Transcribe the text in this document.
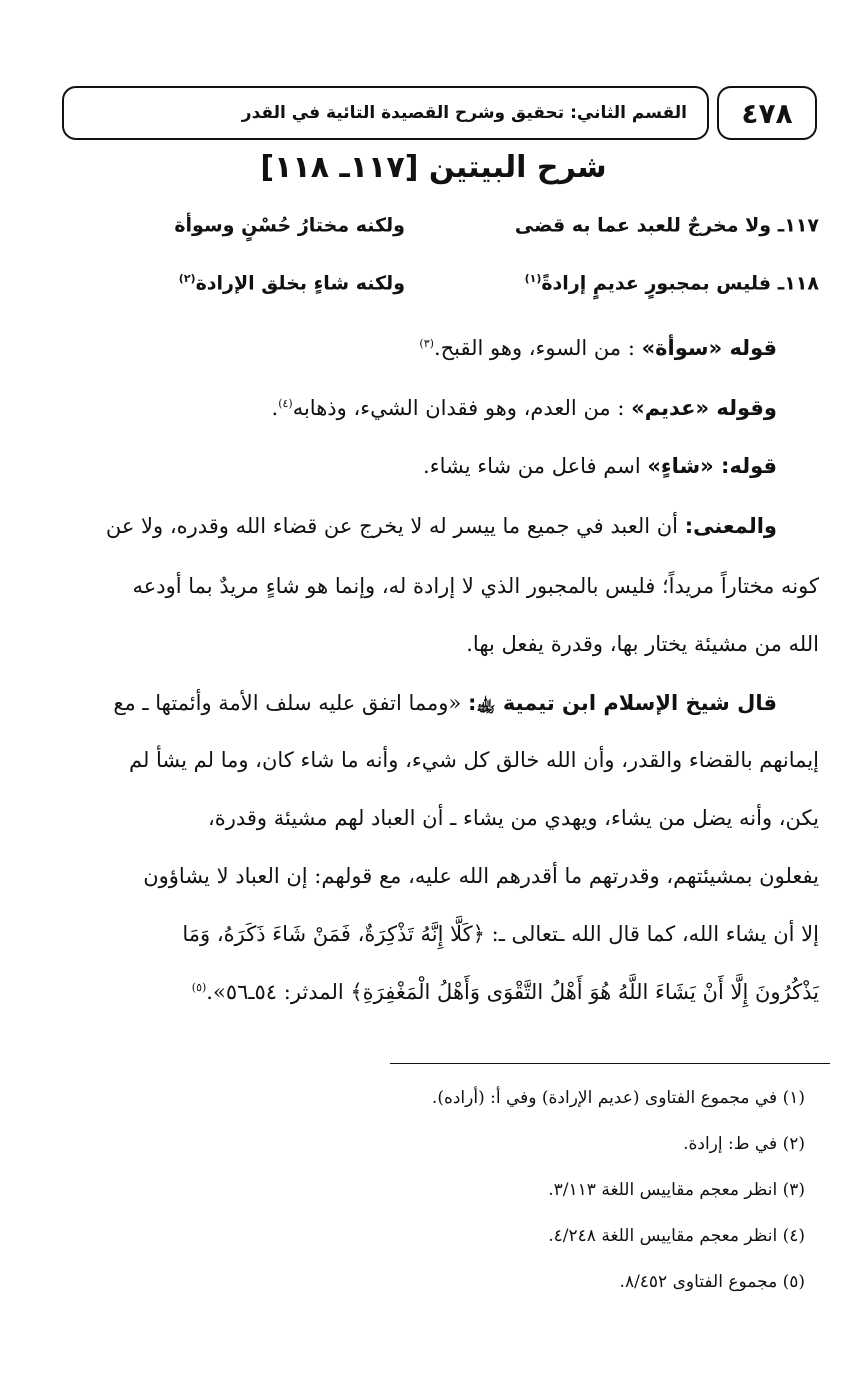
٤٧٨
القسم الثاني: تحقيق وشرح القصيدة التائية في القدر
شرح البيتين [١١٧ـ ١١٨]
١١٧ـ ولا مخرجٌ للعبد عما به قضى
ولكنه مختارُ حُسْنٍ وسوأة
١١٨ـ فليس بمجبورٍ عديمٍ إرادةً$^{(١)}$
ولكنه شاءٍ بخلق الإرادة$^{(٢)}$
قوله «سوأة» : من السوء، وهو القبح.$^{(٣)}$
وقوله «عديم» : من العدم، وهو فقدان الشيء، وذهابه$^{(٤)}$.
قوله: «شاءٍ» اسم فاعل من شاء يشاء.
والمعنى: أن العبد في جميع ما ييسر له لا يخرج عن قضاء الله وقدره، ولا عن
كونه مختاراً مريداً؛ فليس بالمجبور الذي لا إرادة له، وإنما هو شاءٍ مريدٌ بما أودعه
الله من مشيئة يختار بها، وقدرة يفعل بها.
قال شيخ الإسلام ابن تيمية ﵀: «ومما اتفق عليه سلف الأمة وأئمتها ـ مع
إيمانهم بالقضاء والقدر، وأن الله خالق كل شيء، وأنه ما شاء كان، وما لم يشأ لم
يكن، وأنه يضل من يشاء، ويهدي من يشاء ـ أن العباد لهم مشيئة وقدرة،
يفعلون بمشيئتهم، وقدرتهم ما أقدرهم الله عليه، مع قولهم: إن العباد لا يشاؤون
إلا أن يشاء الله، كما قال الله ـتعالى ـ: ﴿كَلَّا إِنَّهُ تَذْكِرَةٌ، فَمَنْ شَاءَ ذَكَرَهُ، وَمَا
يَذْكُرُونَ إِلَّا أَنْ يَشَاءَ اللَّهُ هُوَ أَهْلُ التَّقْوَى وَأَهْلُ الْمَغْفِرَةِ﴾ المدثر: ٥٤ـ٥٦».$^{(٥)}$
(١) في مجموع الفتاوى (عديم الإرادة) وفي أ: (أراده).
(٢) في ط: إرادة.
(٣) انظر معجم مقاييس اللغة ٣/١١٣.
(٤) انظر معجم مقاييس اللغة ٤/٢٤٨.
(٥) مجموع الفتاوى ٨/٤٥٢.
